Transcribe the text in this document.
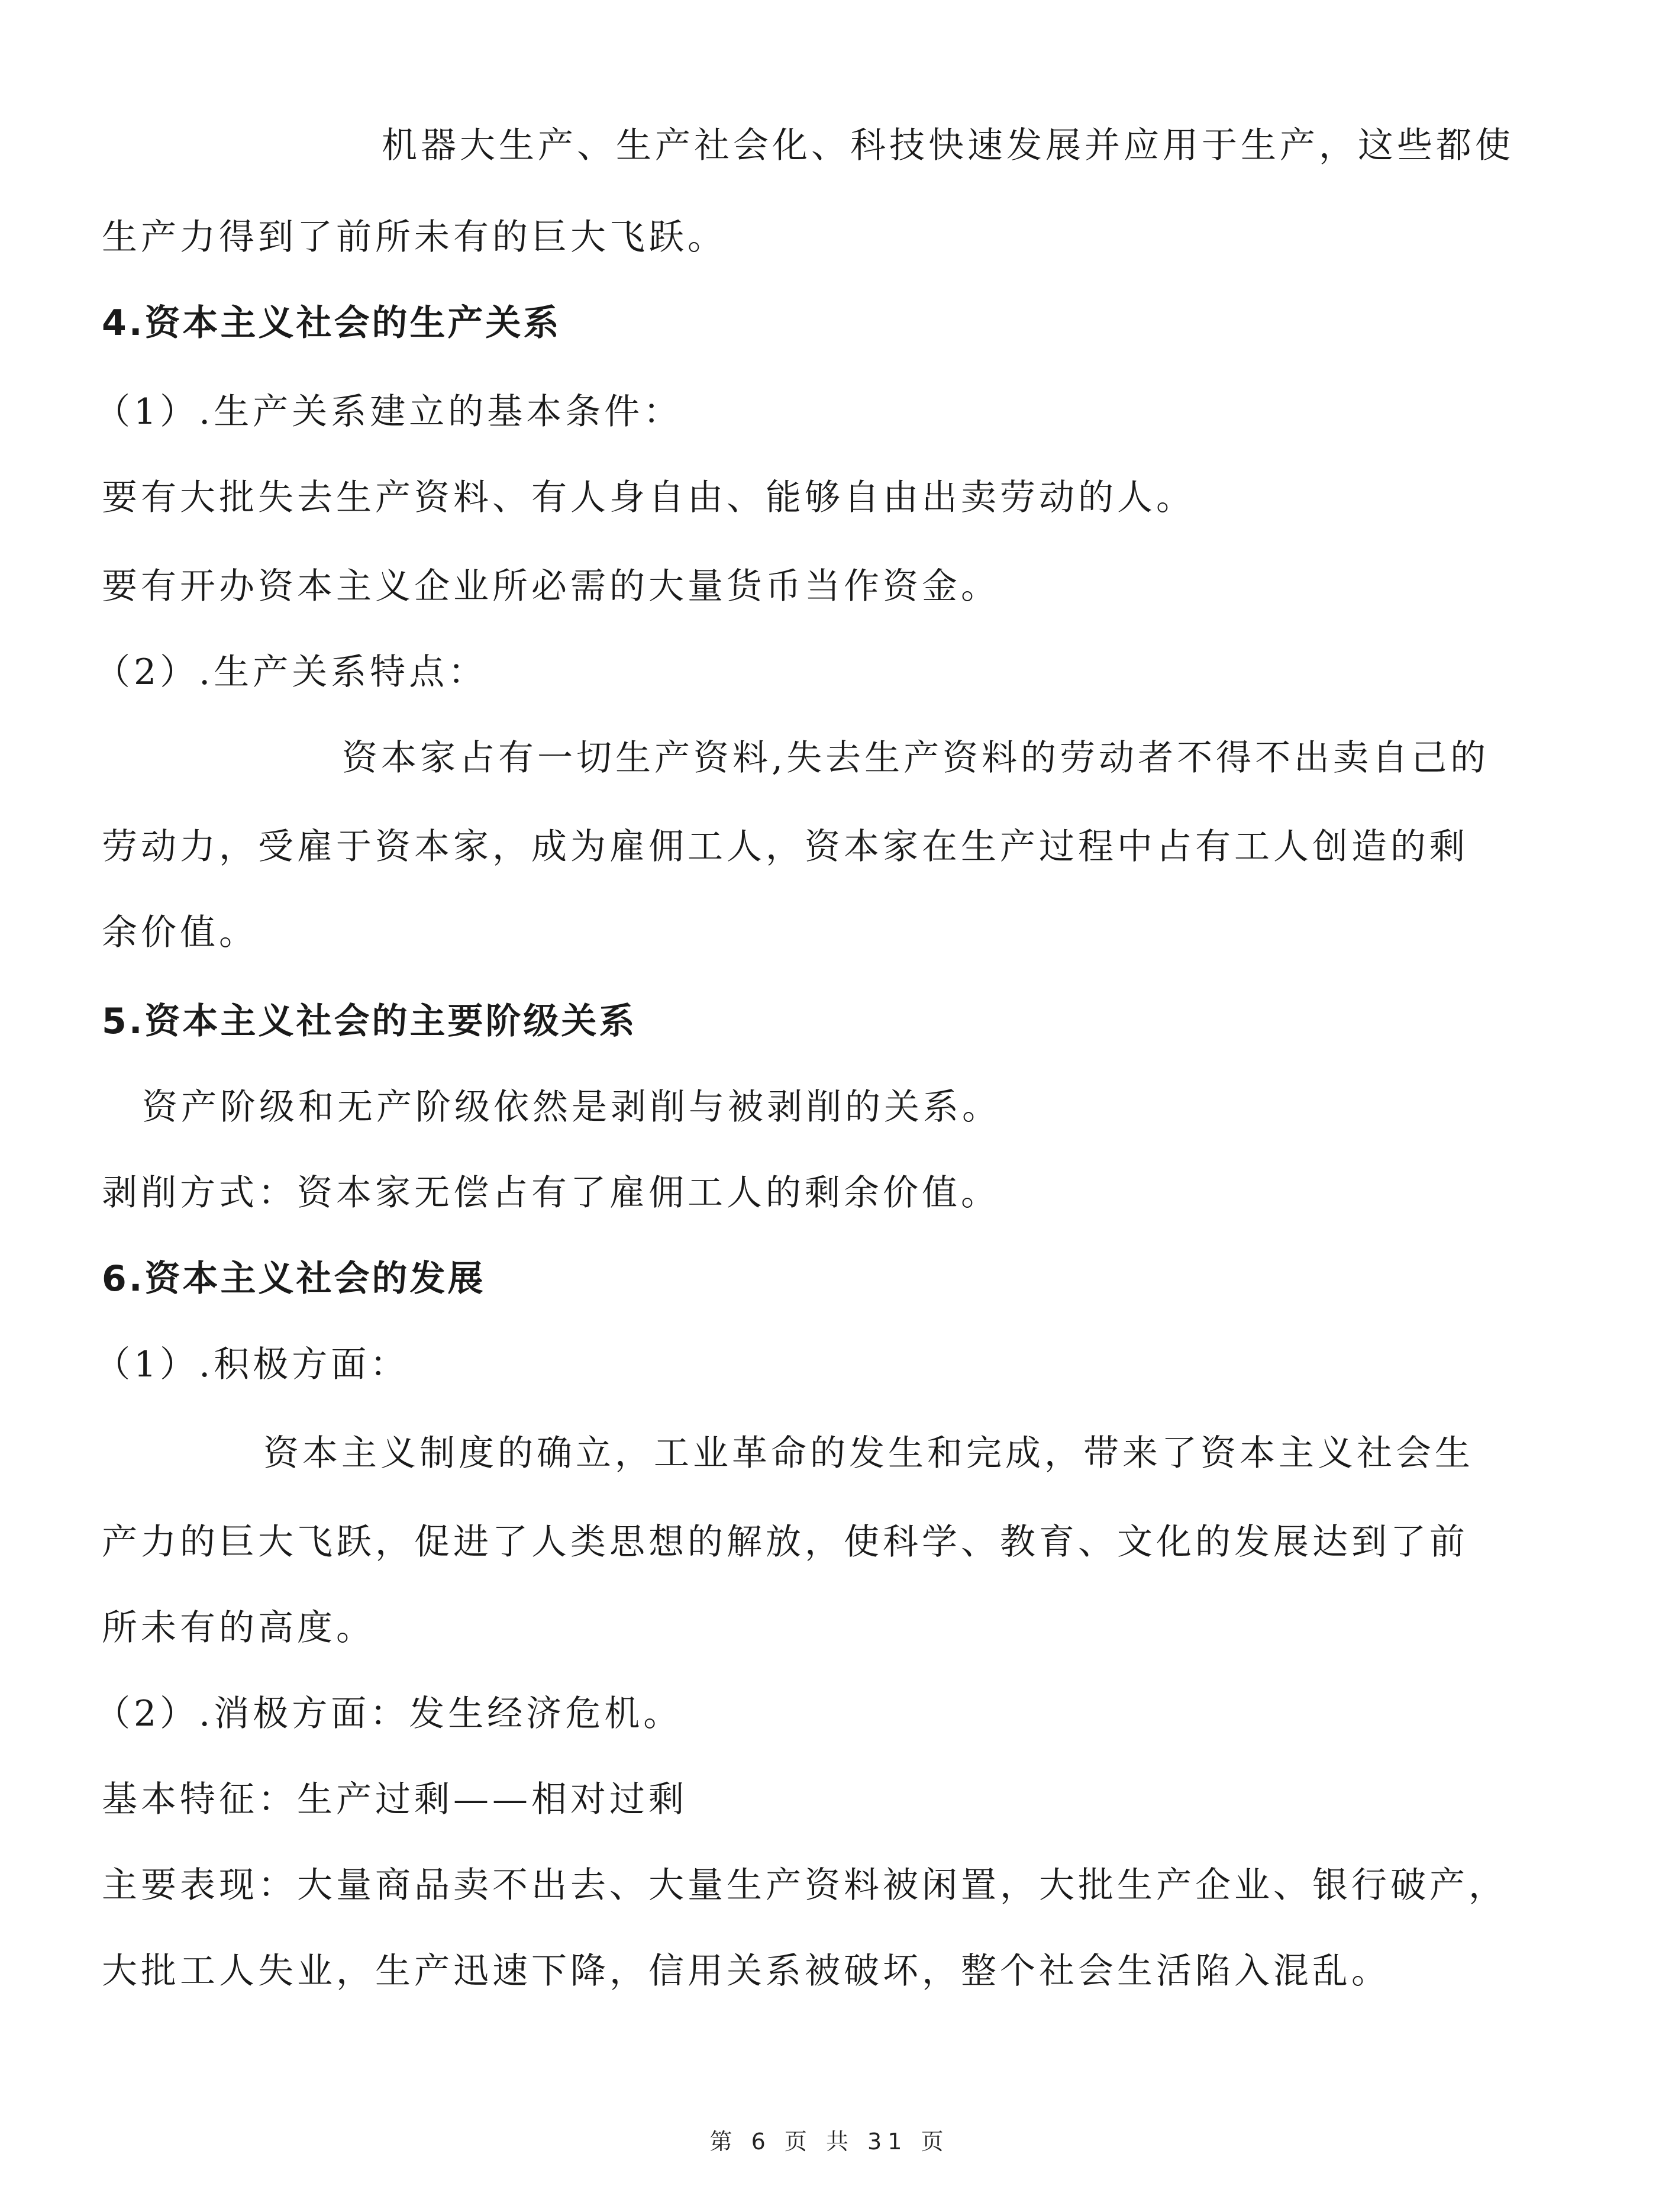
机器大生产、生产社会化、科技快速发展并应用于生产，这些都使
生产力得到了前所未有的巨大飞跃。
4.资本主义社会的生产关系
（1）.生产关系建立的基本条件：
要有大批失去生产资料、有人身自由、能够自由出卖劳动的人。
要有开办资本主义企业所必需的大量货币当作资金。
（2）.生产关系特点：
资本家占有一切生产资料,失去生产资料的劳动者不得不出卖自己的
劳动力，受雇于资本家，成为雇佣工人，资本家在生产过程中占有工人创造的剩
余价值。
5.资本主义社会的主要阶级关系
资产阶级和无产阶级依然是剥削与被剥削的关系。
剥削方式：资本家无偿占有了雇佣工人的剩余价值。
6.资本主义社会的发展
（1）.积极方面：
资本主义制度的确立，工业革命的发生和完成，带来了资本主义社会生
产力的巨大飞跃，促进了人类思想的解放，使科学、教育、文化的发展达到了前
所未有的高度。
（2）.消极方面：发生经济危机。
基本特征：生产过剩——相对过剩
主要表现：大量商品卖不出去、大量生产资料被闲置，大批生产企业、银行破产，
大批工人失业，生产迅速下降，信用关系被破坏，整个社会生活陷入混乱。
第 6 页 共 31 页
